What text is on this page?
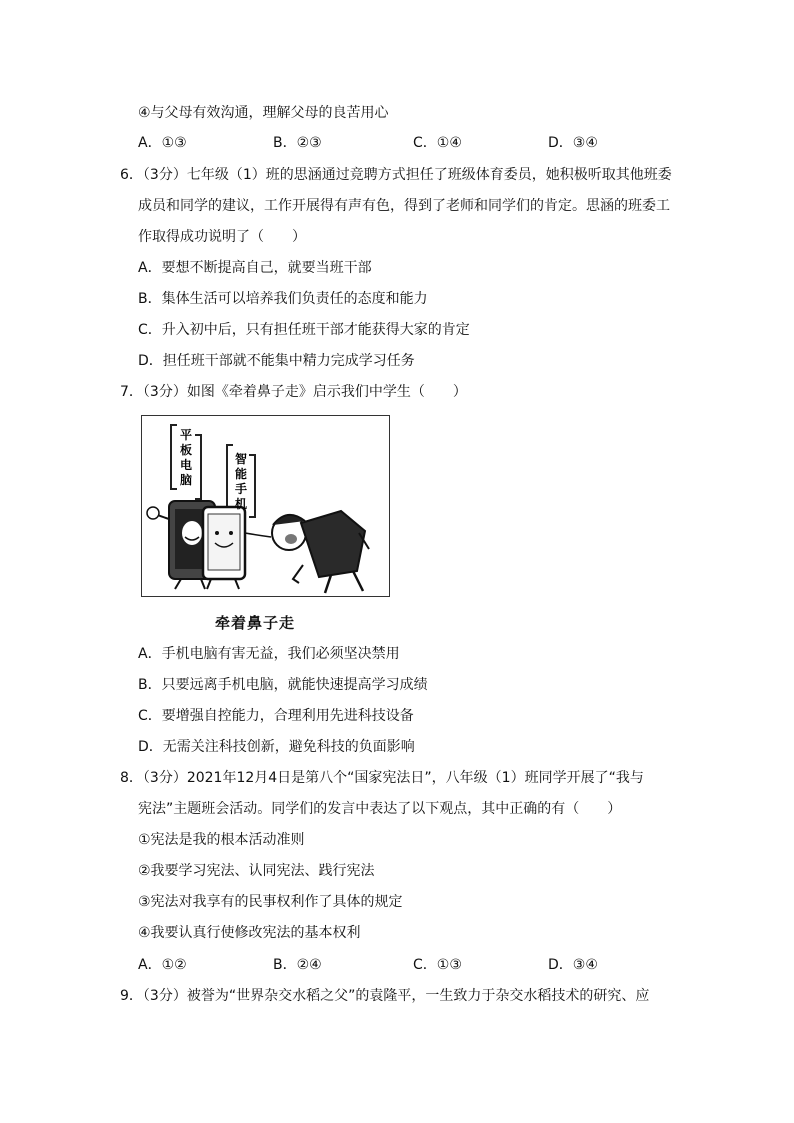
④与父母有效沟通，理解父母的良苦用心
A．①③	B．②③	C．①④	D．③④
6．（3分）七年级（1）班的思涵通过竞聘方式担任了班级体育委员，她积极听取其他班委
成员和同学的建议，工作开展得有声有色，得到了老师和同学们的肯定。思涵的班委工
作取得成功说明了（　　）
A．要想不断提高自己，就要当班干部
B．集体生活可以培养我们负责任的态度和能力
C．升入初中后，只有担任班干部才能获得大家的肯定
D．担任班干部就不能集中精力完成学习任务
7．（3分）如图《牵着鼻子走》启示我们中学生（　　）
平板电脑
智能手机
牵着鼻子走
A．手机电脑有害无益，我们必须坚决禁用
B．只要远离手机电脑，就能快速提高学习成绩
C．要增强自控能力，合理利用先进科技设备
D．无需关注科技创新，避免科技的负面影响
8．（3分）2021年12月4日是第八个“国家宪法日”，八年级（1）班同学开展了“我与
宪法”主题班会活动。同学们的发言中表达了以下观点，其中正确的有（　　）
①宪法是我的根本活动准则
②我要学习宪法、认同宪法、践行宪法
③宪法对我享有的民事权利作了具体的规定
④我要认真行使修改宪法的基本权利
A．①②	B．②④	C．①③	D．③④
9．（3分）被誉为“世界杂交水稻之父”的袁隆平，一生致力于杂交水稻技术的研究、应
